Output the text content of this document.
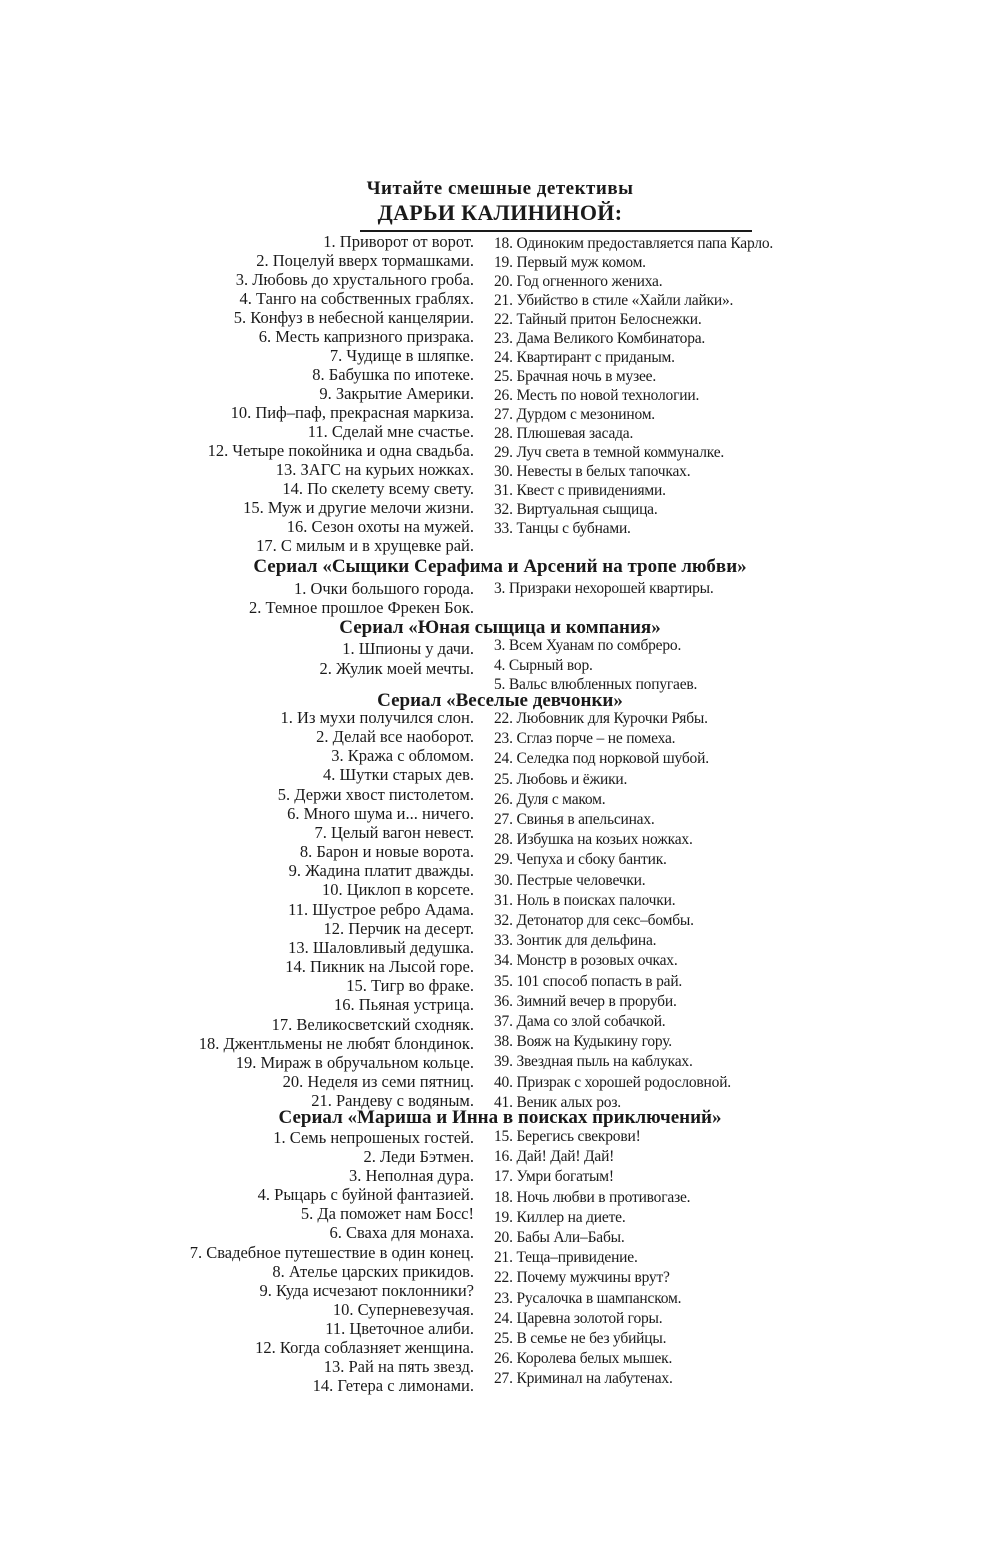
Читайте смешные детективы
ДАРЬИ КАЛИНИНОЙ:
1. Приворот от ворот.
2. Поцелуй вверх тормашками.
3. Любовь до хрустального гроба.
4. Танго на собственных граблях.
5. Конфуз в небесной канцелярии.
6. Месть капризного призрака.
7. Чудище в шляпке.
8. Бабушка по ипотеке.
9. Закрытие Америки.
10. Пиф–паф, прекрасная маркиза.
11. Сделай мне счастье.
12. Четыре покойника и одна свадьба.
13. ЗАГС на курьих ножках.
14. По скелету всему свету.
15. Муж и другие мелочи жизни.
16. Сезон охоты на мужей.
17. С милым и в хрущевке рай.
18. Одиноким предоставляется папа Карло.
19. Первый муж комом.
20. Год огненного жениха.
21. Убийство в стиле «Хайли лайки».
22. Тайный притон Белоснежки.
23. Дама Великого Комбинатора.
24. Квартирант с приданым.
25. Брачная ночь в музее.
26. Месть по новой технологии.
27. Дурдом с мезонином.
28. Плюшевая засада.
29. Луч света в темной коммуналке.
30. Невесты в белых тапочках.
31. Квест с привидениями.
32. Виртуальная сыщица.
33. Танцы с бубнами.
Сериал «Сыщики Серафима и Арсений на тропе любви»
1. Очки большого города.
2. Темное прошлое Фрекен Бок.
3. Призраки нехорошей квартиры.
Сериал «Юная сыщица и компания»
1. Шпионы у дачи.
2. Жулик моей мечты.
3. Всем Хуанам по сомбреро.
4. Сырный вор.
5. Вальс влюбленных попугаев.
Сериал «Веселые девчонки»
1. Из мухи получился слон.
2. Делай все наоборот.
3. Кража с обломом.
4. Шутки старых дев.
5. Держи хвост пистолетом.
6. Много шума и... ничего.
7. Целый вагон невест.
8. Барон и новые ворота.
9. Жадина платит дважды.
10. Циклоп в корсете.
11. Шустрое ребро Адама.
12. Перчик на десерт.
13. Шаловливый дедушка.
14. Пикник на Лысой горе.
15. Тигр во фраке.
16. Пьяная устрица.
17. Великосветский сходняк.
18. Джентльмены не любят блондинок.
19. Мираж в обручальном кольце.
20. Неделя из семи пятниц.
21. Рандеву с водяным.
22. Любовник для Курочки Рябы.
23. Сглаз порче – не помеха.
24. Селедка под норковой шубой.
25. Любовь и ёжики.
26. Дуля с маком.
27. Свинья в апельсинах.
28. Избушка на козьих ножках.
29. Чепуха и сбоку бантик.
30. Пестрые человечки.
31. Ноль в поисках палочки.
32. Детонатор для секс–бомбы.
33. Зонтик для дельфина.
34. Монстр в розовых очках.
35. 101 способ попасть в рай.
36. Зимний вечер в проруби.
37. Дама со злой собачкой.
38. Вояж на Кудыкину гору.
39. Звездная пыль на каблуках.
40. Призрак с хорошей родословной.
41. Веник алых роз.
Сериал «Мариша и Инна в поисках приключений»
1. Семь непрошеных гостей.
2. Леди Бэтмен.
3. Неполная дура.
4. Рыцарь с буйной фантазией.
5. Да поможет нам Босс!
6. Сваха для монаха.
7. Свадебное путешествие в один конец.
8. Ателье царских прикидов.
9. Куда исчезают поклонники?
10. Суперневезучая.
11. Цветочное алиби.
12. Когда соблазняет женщина.
13. Рай на пять звезд.
14. Гетера с лимонами.
15. Берегись свекрови!
16. Дай! Дай! Дай!
17. Умри богатым!
18. Ночь любви в противогазе.
19. Киллер на диете.
20. Бабы Али–Бабы.
21. Теща–привидение.
22. Почему мужчины врут?
23. Русалочка в шампанском.
24. Царевна золотой горы.
25. В семье не без убийцы.
26. Королева белых мышек.
27. Криминал на лабутенах.
